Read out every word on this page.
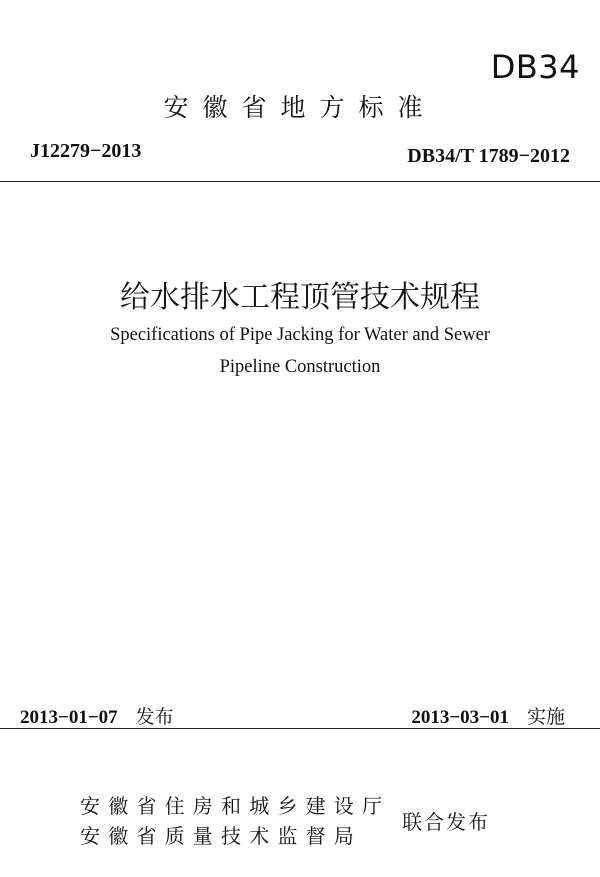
DB34
安徽省地方标准
J12279−2013	DB34/T 1789−2012
给水排水工程顶管技术规程
Specifications of Pipe Jacking for Water and Sewer
Pipeline Construction
2013−01−07 发布	2013−03−01 实施
安徽省住房和城乡建设厅
安徽省质量技术监督局
联合发布
